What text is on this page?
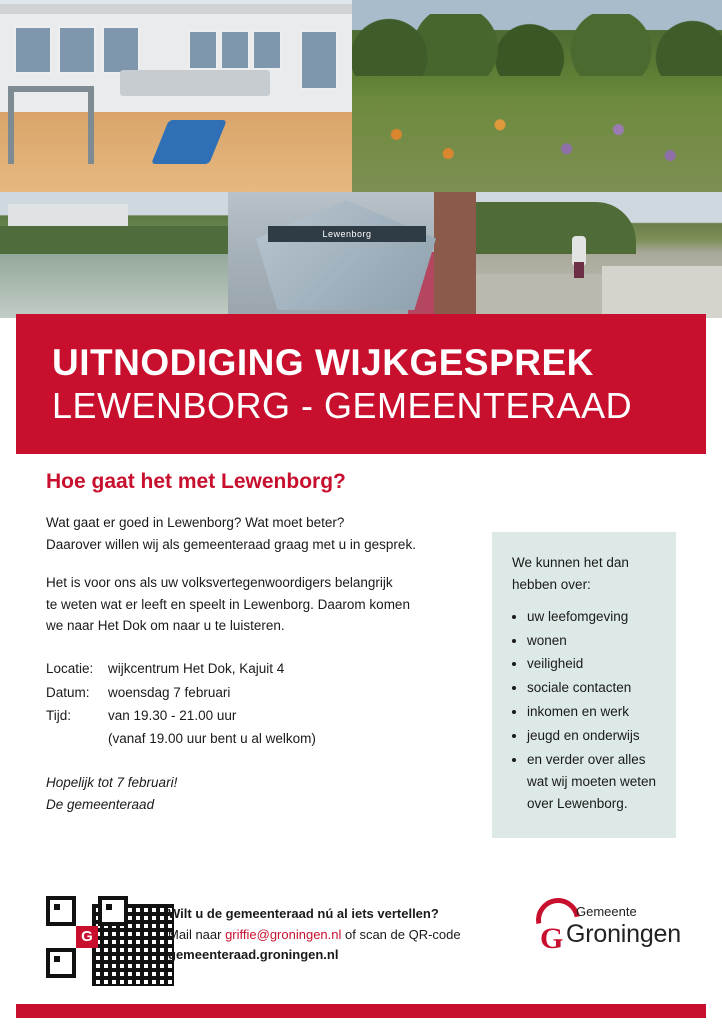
Lewenborg
UITNODIGING WIJKGESPREK
LEWENBORG - GEMEENTERAAD
Hoe gaat het met Lewenborg?

Wat gaat er goed in Lewenborg? Wat moet beter?
Daarover willen wij als gemeenteraad graag met u in gesprek.

Het is voor ons als uw volksvertegenwoordigers belangrijk
te weten wat er leeft en speelt in Lewenborg. Daarom komen
we naar Het Dok om naar u te luisteren.

Locatie:	wijkcentrum Het Dok, Kajuit 4
Datum:	woensdag 7 februari
Tijd:	van 19.30 - 21.00 uur
(vanaf 19.00 uur bent u al welkom)
Hopelijk tot 7 februari!
De gemeenteraad

We kunnen het dan
hebben over:

• uw leefomgeving
• wonen
• veiligheid
• sociale contacten
• inkomen en werk
• jeugd en onderwijs
• en verder over alles wat wij moeten weten over Lewenborg.
G
Wilt u de gemeenteraad nú al iets vertellen?
Mail naar griffie@groningen.nl of scan de QR-code
gemeenteraad.groningen.nl	G
Gemeente
Groningen
